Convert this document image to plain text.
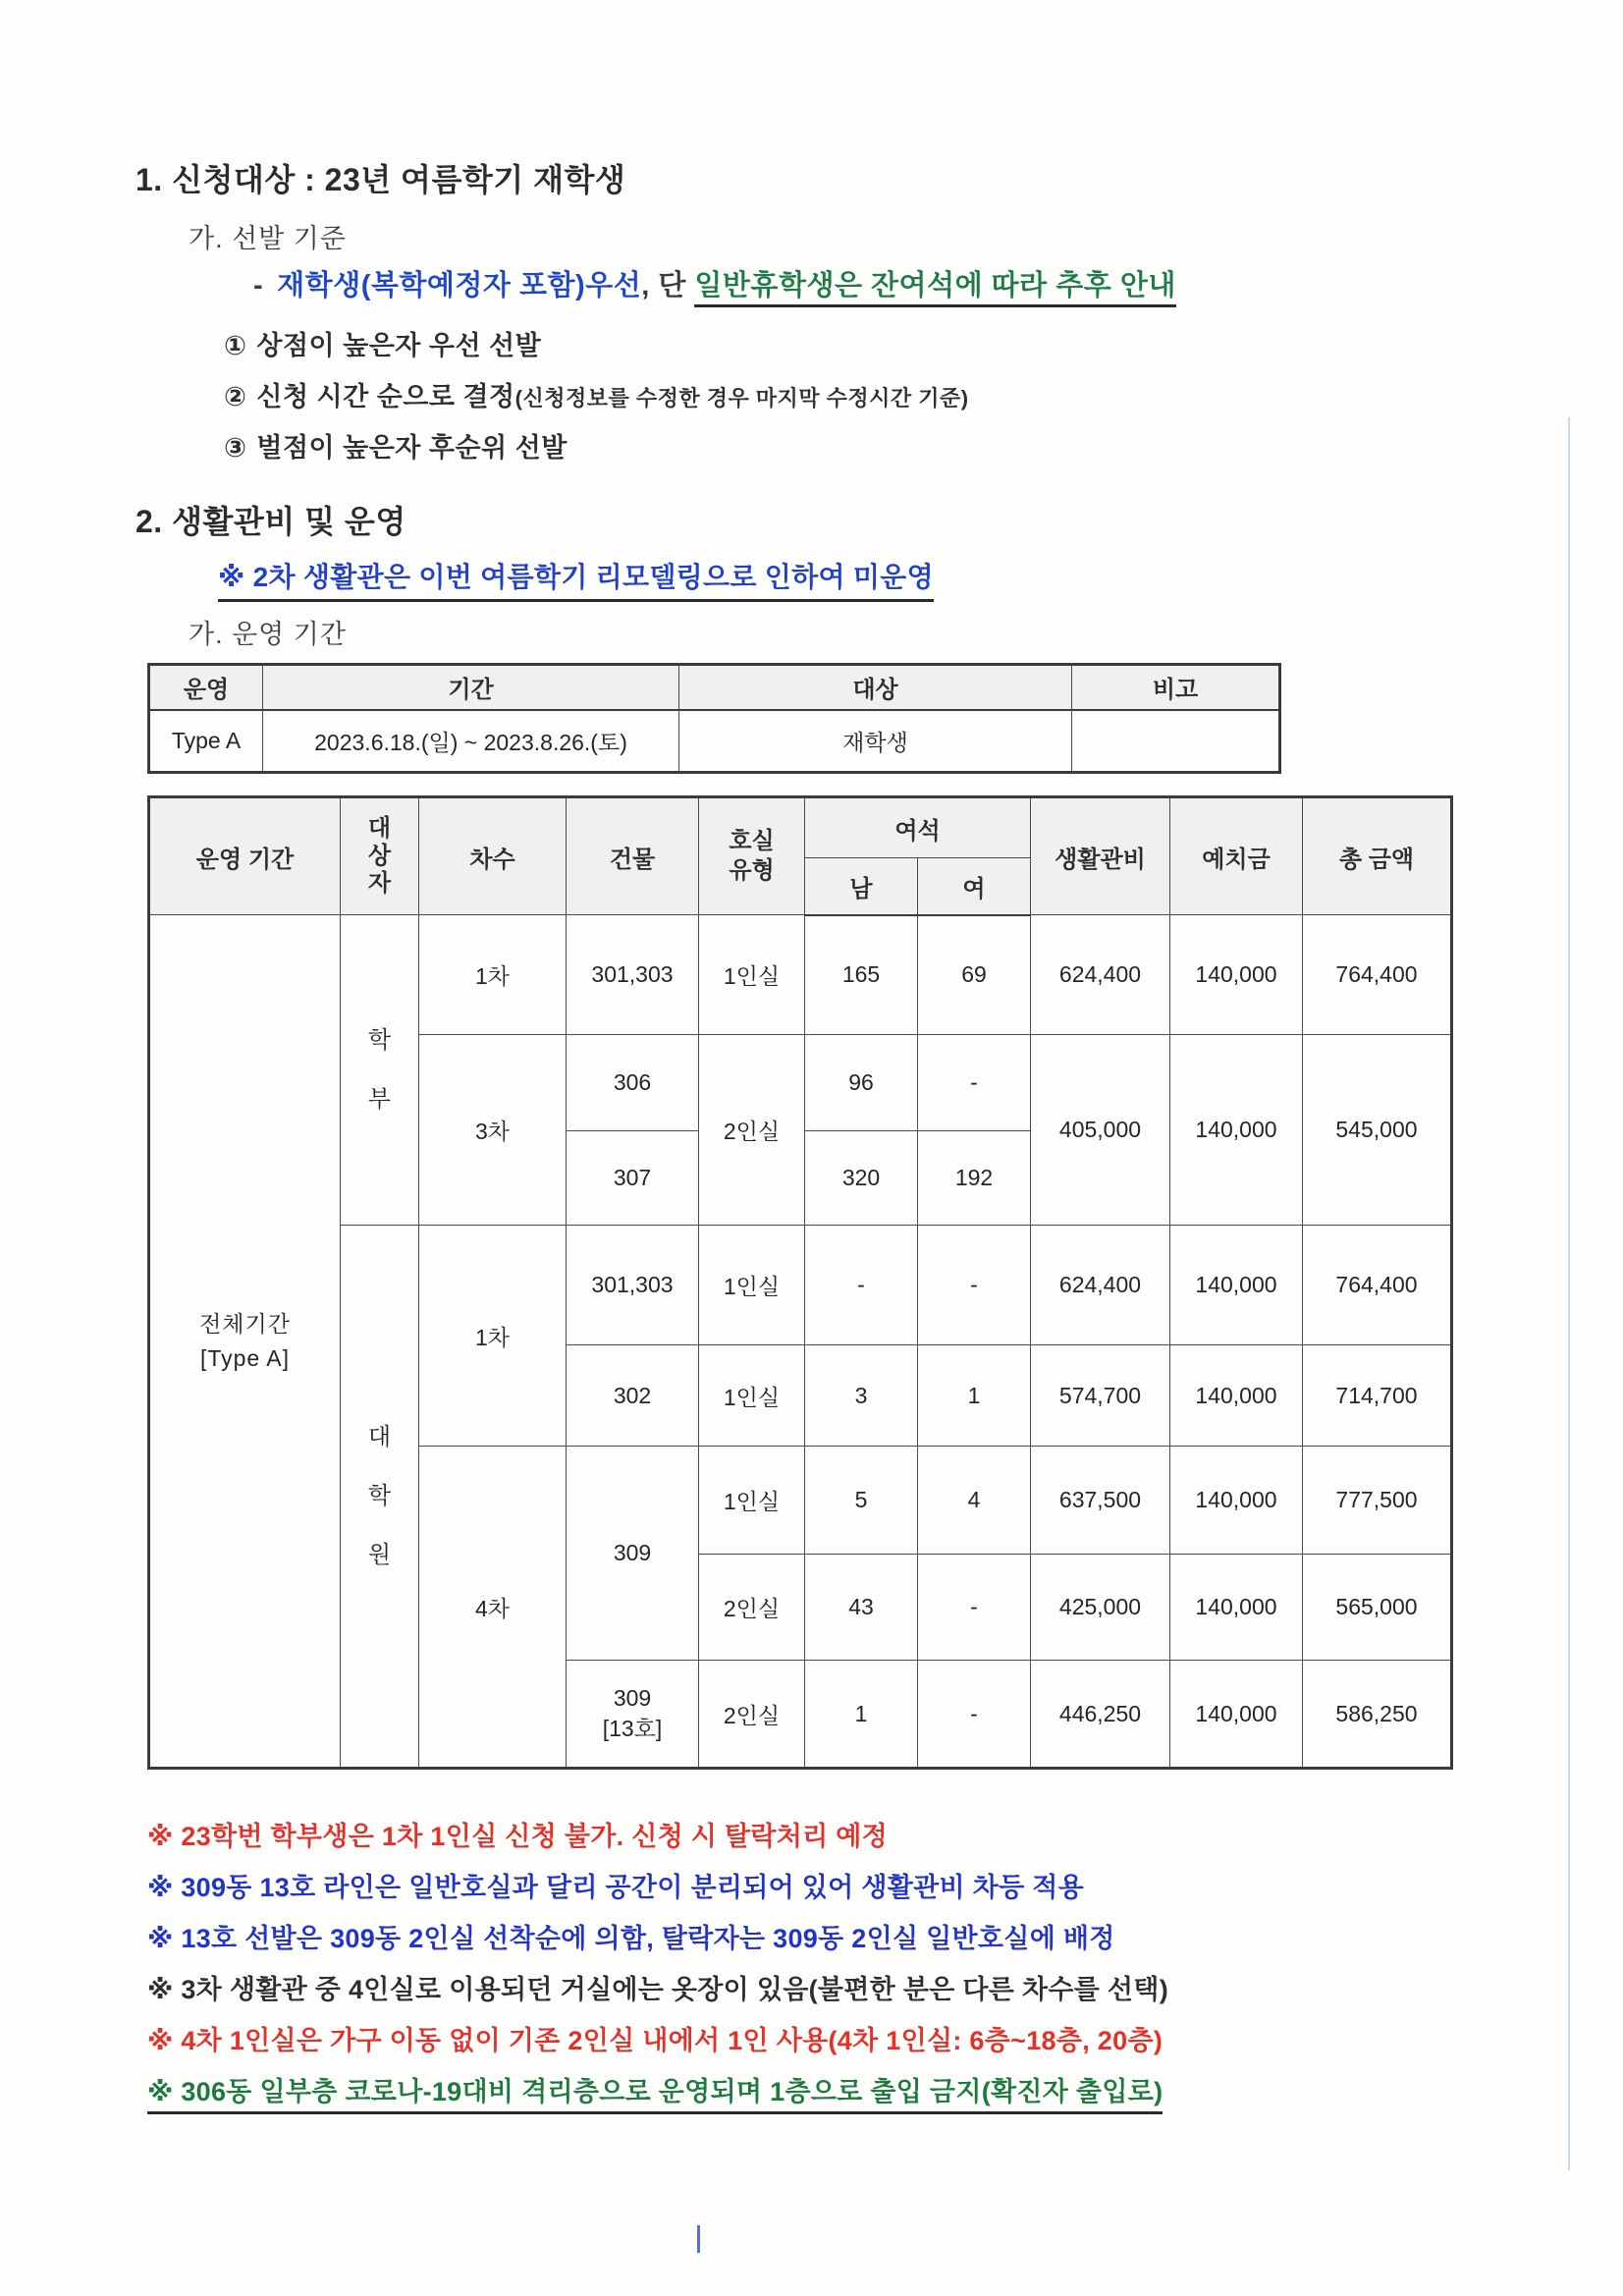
1. 신청대상 : 23년 여름학기 재학생
가. 선발 기준
- 재학생(복학예정자 포함)우선, 단 일반휴학생은 잔여석에 따라 추후 안내
① 상점이 높은자 우선 선발
② 신청 시간 순으로 결정(신청정보를 수정한 경우 마지막 수정시간 기준)
③ 벌점이 높은자 후순위 선발
2. 생활관비 및 운영
※ 2차 생활관은 이번 여름학기 리모델링으로 인하여 미운영
가. 운영 기간
운영	기간	대상	비고
Type A	2023.6.18.(일) ~ 2023.8.26.(토)	재학생	
운영 기간	대상자	차수	건물	호실유형	여석		생활관비	예치금	총 금액
					남	여			

전체기간
[Type A]	학부	1차	301,303	1인실	165	69	624,400	140,000	764,400
		3차	306	2인실	96	-	405,000	140,000	545,000
			307		320	192			
	대학원	1차	301,303	1인실	-	-	624,400	140,000	764,400
			302	1인실	3	1	574,700	140,000	714,700
		4차	309	1인실	5	4	637,500	140,000	777,500
				2인실	43	-	425,000	140,000	565,000

			309
[13호]	2인실	1	-	446,250	140,000	586,250
※ 23학번 학부생은 1차 1인실 신청 불가. 신청 시 탈락처리 예정
※ 309동 13호 라인은 일반호실과 달리 공간이 분리되어 있어 생활관비 차등 적용
※ 13호 선발은 309동 2인실 선착순에 의함, 탈락자는 309동 2인실 일반호실에 배정
※ 3차 생활관 중 4인실로 이용되던 거실에는 옷장이 있음(불편한 분은 다른 차수를 선택)
※ 4차 1인실은 가구 이동 없이 기존 2인실 내에서 1인 사용(4차 1인실: 6층~18층, 20층)
※ 306동 일부층 코로나-19대비 격리층으로 운영되며 1층으로 출입 금지(확진자 출입로)
